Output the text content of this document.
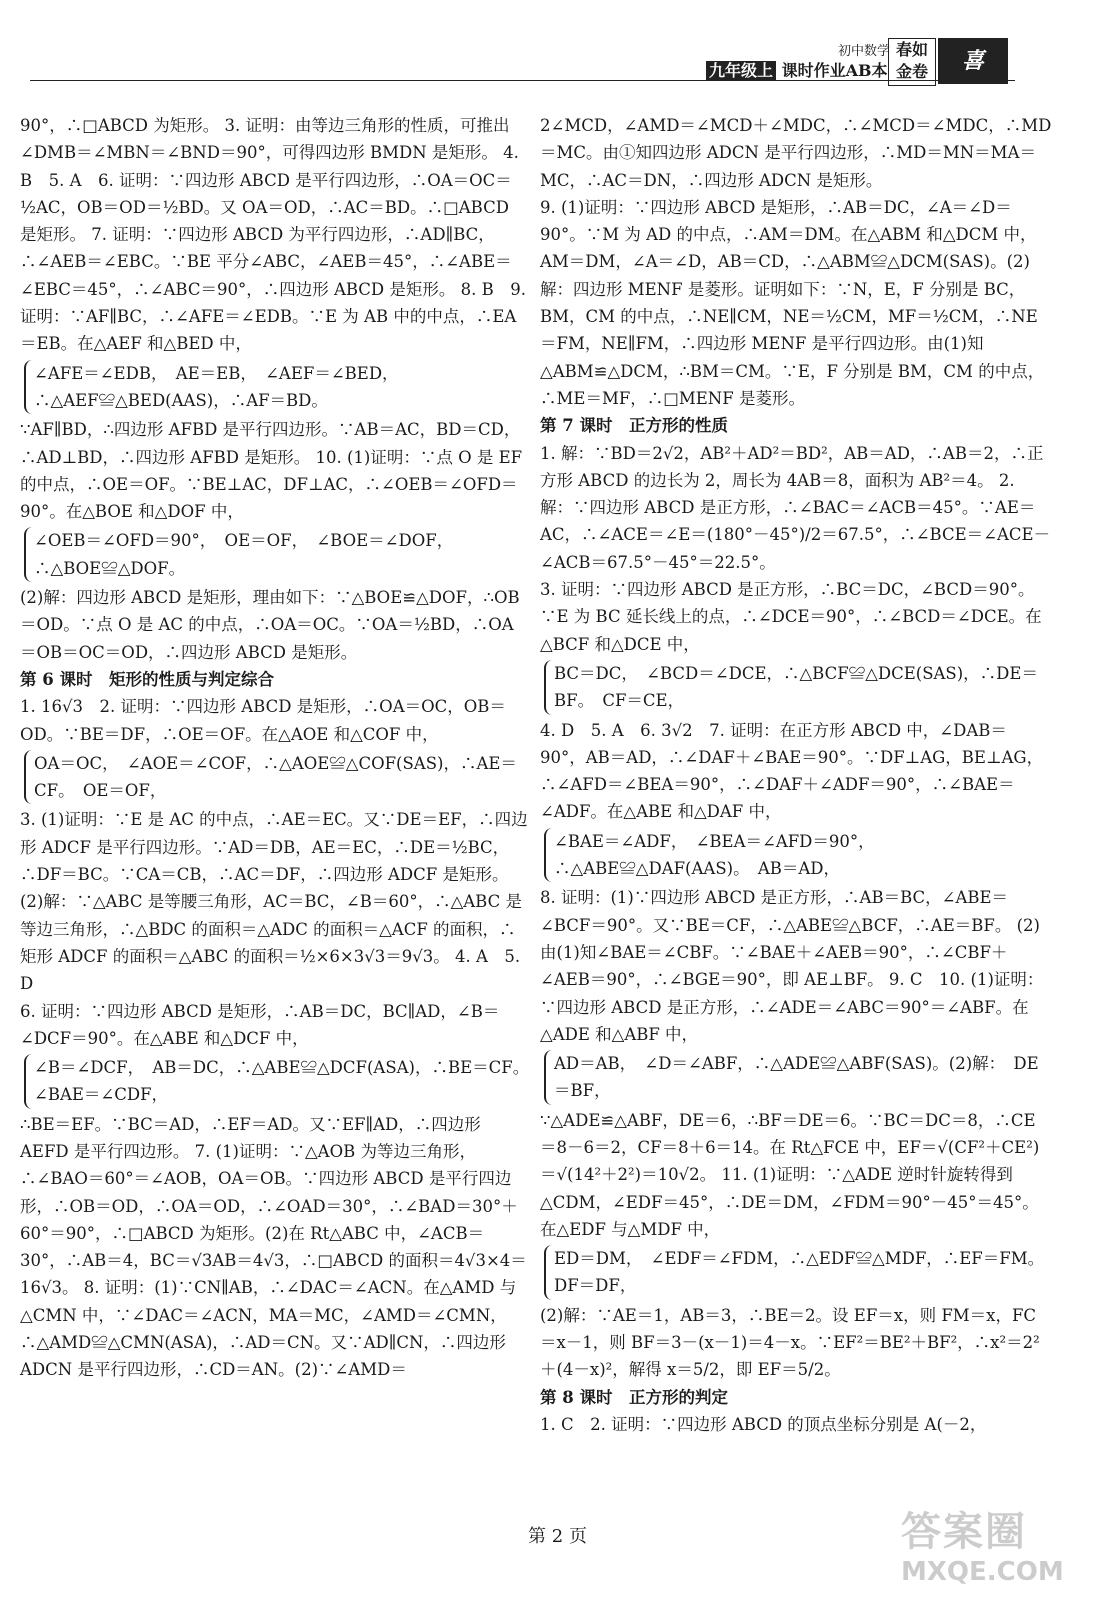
初中数学
九年级上 课时作业AB本
春如金卷	喜

90°，∴□ABCD 为矩形。 3. 证明：由等边三角形的性质，可推出∠DMB＝∠MBN＝∠BND＝90°，可得四边形 BMDN 是矩形。 4. B　5. A　6. 证明：∵四边形 ABCD 是平行四边形，∴OA＝OC＝½AC，OB＝OD＝½BD。又 OA＝OD，∴AC＝BD。∴□ABCD 是矩形。 7. 证明：∵四边形 ABCD 为平行四边形，∴AD∥BC，∴∠AEB＝∠EBC。∵BE 平分∠ABC，∠AEB＝45°，∴∠ABE＝∠EBC＝45°，∴∠ABC＝90°，∴四边形 ABCD 是矩形。 8. B　9. 证明：∵AF∥BC，∴∠AFE＝∠EDB。∵E 为 AB 中的中点，∴EA＝EB。在△AEF 和△BED 中，

∠AFE＝∠EDB，　AE＝EB，　∠AEF＝∠BED，∴△AEF≌△BED(AAS)，∴AF＝BD。

∵AF∥BD，∴四边形 AFBD 是平行四边形。∵AB＝AC，BD＝CD，∴AD⊥BD，∴四边形 AFBD 是矩形。 10. (1)证明：∵点 O 是 EF 的中点，∴OE＝OF。∵BE⊥AC，DF⊥AC，∴∠OEB＝∠OFD＝90°。在△BOE 和△DOF 中，

∠OEB＝∠OFD＝90°，　OE＝OF，　∠BOE＝∠DOF，∴△BOE≌△DOF。

(2)解：四边形 ABCD 是矩形，理由如下：∵△BOE≌△DOF，∴OB＝OD。∵点 O 是 AC 的中点，∴OA＝OC。∵OA＝½BD，∴OA＝OB＝OC＝OD，∴四边形 ABCD 是矩形。

第 6 课时　矩形的性质与判定综合

1. 16√3　2. 证明：∵四边形 ABCD 是矩形，∴OA＝OC，OB＝OD。∵BE＝DF，∴OE＝OF。在△AOE 和△COF 中，

OA＝OC，　∠AOE＝∠COF，∴△AOE≌△COF(SAS)，∴AE＝CF。　OE＝OF，

3. (1)证明：∵E 是 AC 的中点，∴AE＝EC。又∵DE＝EF，∴四边形 ADCF 是平行四边形。∵AD＝DB，AE＝EC，∴DE＝½BC，∴DF＝BC。∵CA＝CB，∴AC＝DF，∴四边形 ADCF 是矩形。(2)解：∵△ABC 是等腰三角形，AC＝BC，∠B＝60°，∴△ABC 是等边三角形，∴△BDC 的面积＝△ADC 的面积＝△ACF 的面积，∴矩形 ADCF 的面积＝△ABC 的面积＝½×6×3√3＝9√3。 4. A　5. D

6. 证明：∵四边形 ABCD 是矩形，∴AB＝DC，BC∥AD，∠B＝∠DCF＝90°。在△ABE 和△DCF 中，

∠B＝∠DCF，　AB＝DC，∴△ABE≌△DCF(ASA)，∴BE＝CF。　∠BAE＝∠CDF，

∴BE＝EF。∵BC＝AD，∴EF＝AD。又∵EF∥AD，∴四边形 AEFD 是平行四边形。 7. (1)证明：∵△AOB 为等边三角形，∴∠BAO＝60°＝∠AOB，OA＝OB。∵四边形 ABCD 是平行四边形，∴OB＝OD，∴OA＝OD，∴∠OAD＝30°，∴∠BAD＝30°＋60°＝90°，∴□ABCD 为矩形。(2)在 Rt△ABC 中，∠ACB＝30°，∴AB＝4，BC＝√3AB＝4√3，∴□ABCD 的面积＝4√3×4＝16√3。 8. 证明：(1)∵CN∥AB，∴∠DAC＝∠ACN。在△AMD 与△CMN 中，∵∠DAC＝∠ACN，MA＝MC，∠AMD＝∠CMN，∴△AMD≌△CMN(ASA)，∴AD＝CN。又∵AD∥CN，∴四边形 ADCN 是平行四边形，∴CD＝AN。(2)∵∠AMD＝

2∠MCD，∠AMD＝∠MCD＋∠MDC，∴∠MCD＝∠MDC，∴MD＝MC。由①知四边形 ADCN 是平行四边形，∴MD＝MN＝MA＝MC，∴AC＝DN，∴四边形 ADCN 是矩形。

9. (1)证明：∵四边形 ABCD 是矩形，∴AB＝DC，∠A＝∠D＝90°。∵M 为 AD 的中点，∴AM＝DM。在△ABM 和△DCM 中，AM＝DM，∠A＝∠D，AB＝CD，∴△ABM≌△DCM(SAS)。(2)解：四边形 MENF 是菱形。证明如下：∵N，E，F 分别是 BC，BM，CM 的中点，∴NE∥CM，NE＝½CM，MF＝½CM，∴NE＝FM，NE∥FM，∴四边形 MENF 是平行四边形。由(1)知△ABM≌△DCM，∴BM＝CM。∵E，F 分别是 BM，CM 的中点，∴ME＝MF，∴□MENF 是菱形。

第 7 课时　正方形的性质

1. 解：∵BD＝2√2，AB²＋AD²＝BD²，AB＝AD，∴AB＝2，∴正方形 ABCD 的边长为 2，周长为 4AB＝8，面积为 AB²＝4。 2. 解：∵四边形 ABCD 是正方形，∴∠BAC＝∠ACB＝45°。∵AE＝AC，∴∠ACE＝∠E＝(180°－45°)/2＝67.5°，∴∠BCE＝∠ACE－∠ACB＝67.5°－45°＝22.5°。

3. 证明：∵四边形 ABCD 是正方形，∴BC＝DC，∠BCD＝90°。∵E 为 BC 延长线上的点，∴∠DCE＝90°，∴∠BCD＝∠DCE。在△BCF 和△DCE 中，

BC＝DC，　∠BCD＝∠DCE，∴△BCF≌△DCE(SAS)，∴DE＝BF。　CF＝CE，

4. D　5. A　6. 3√2　7. 证明：在正方形 ABCD 中，∠DAB＝90°，AB＝AD，∴∠DAF＋∠BAE＝90°。∵DF⊥AG，BE⊥AG，∴∠AFD＝∠BEA＝90°，∴∠DAF＋∠ADF＝90°，∴∠BAE＝∠ADF。在△ABE 和△DAF 中，

∠BAE＝∠ADF，　∠BEA＝∠AFD＝90°，∴△ABE≌△DAF(AAS)。　AB＝AD，

8. 证明：(1)∵四边形 ABCD 是正方形，∴AB＝BC，∠ABE＝∠BCF＝90°。又∵BE＝CF，∴△ABE≌△BCF，∴AE＝BF。 (2)由(1)知∠BAE＝∠CBF。∵∠BAE＋∠AEB＝90°，∴∠CBF＋∠AEB＝90°，∴∠BGE＝90°，即 AE⊥BF。 9. C　10. (1)证明：∵四边形 ABCD 是正方形，∴∠ADE＝∠ABC＝90°＝∠ABF。在△ADE 和△ABF 中，

AD＝AB，　∠D＝∠ABF，∴△ADE≌△ABF(SAS)。(2)解：　DE＝BF，

∵△ADE≌△ABF，DE＝6，∴BF＝DE＝6。∵BC＝DC＝8，∴CE＝8－6＝2，CF＝8＋6＝14。在 Rt△FCE 中，EF＝√(CF²＋CE²)＝√(14²＋2²)＝10√2。 11. (1)证明：∵△ADE 逆时针旋转得到△CDM，∠EDF＝45°，∴DE＝DM，∠FDM＝90°－45°＝45°。在△EDF 与△MDF 中，

ED＝DM，　∠EDF＝∠FDM，∴△EDF≌△MDF，∴EF＝FM。　DF＝DF，

(2)解：∵AE＝1，AB＝3，∴BE＝2。设 EF＝x，则 FM＝x，FC＝x－1，则 BF＝3－(x－1)＝4－x。∵EF²＝BE²＋BF²，∴x²＝2²＋(4－x)²，解得 x＝5/2，即 EF＝5/2。

第 8 课时　正方形的判定

1. C　2. 证明：∵四边形 ABCD 的顶点坐标分别是 A(－2，

第 2 页	答案圈
MXQE.COM
